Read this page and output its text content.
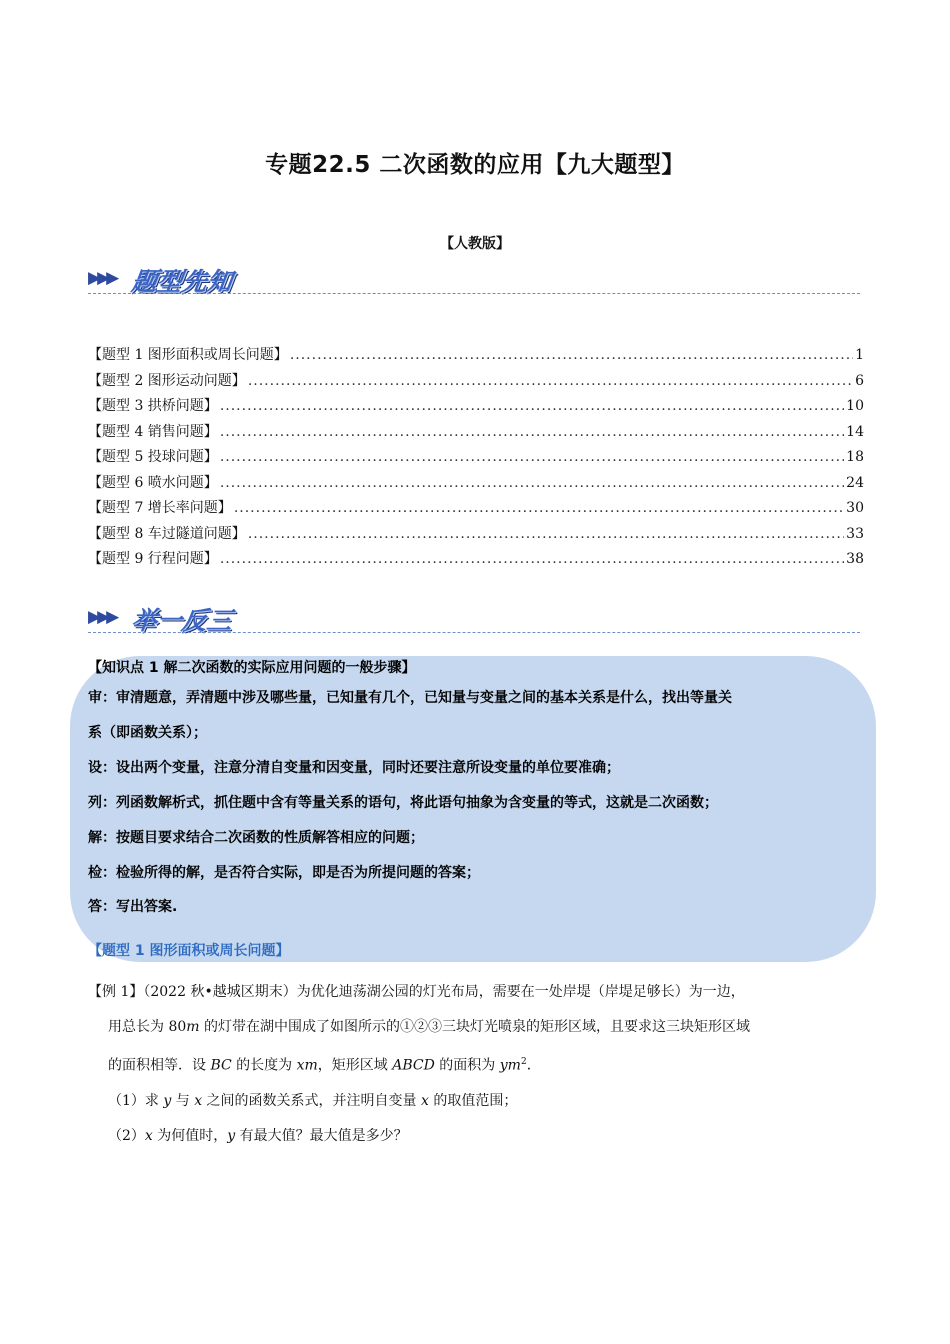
专题22.5 二次函数的应用【九大题型】
【人教版】
▶▶▶ 题型先知
【题型 1 图形面积或周长问题】 .....	1
【题型 2 图形运动问题】 .....	6
【题型 3 拱桥问题】 .....	10
【题型 4 销售问题】 .....	14
【题型 5 投球问题】 .....	18
【题型 6 喷水问题】 .....	24
【题型 7 增长率问题】 .....	30
【题型 8 车过隧道问题】 .....	33
【题型 9 行程问题】 .....	38
▶▶▶ 举一反三
【知识点 1 解二次函数的实际应用问题的一般步骤】
审：审清题意，弄清题中涉及哪些量，已知量有几个，已知量与变量之间的基本关系是什么，找出等量关
系（即函数关系）；
设：设出两个变量，注意分清自变量和因变量，同时还要注意所设变量的单位要准确；
列：列函数解析式，抓住题中含有等量关系的语句，将此语句抽象为含变量的等式，这就是二次函数；
解：按题目要求结合二次函数的性质解答相应的问题；
检：检验所得的解，是否符合实际，即是否为所提问题的答案；
答：写出答案.
【题型 1 图形面积或周长问题】
【例 1】（2022 秋•越城区期末）为优化迪荡湖公园的灯光布局，需要在一处岸堤（岸堤足够长）为一边，
用总长为 80m 的灯带在湖中围成了如图所示的①②③三块灯光喷泉的矩形区域，且要求这三块矩形区域
的面积相等．设 BC 的长度为 xm，矩形区域 ABCD 的面积为 $ym^2$．
（1）求 y 与 x 之间的函数关系式，并注明自变量 x 的取值范围；
（2）x 为何值时，y 有最大值？最大值是多少？
